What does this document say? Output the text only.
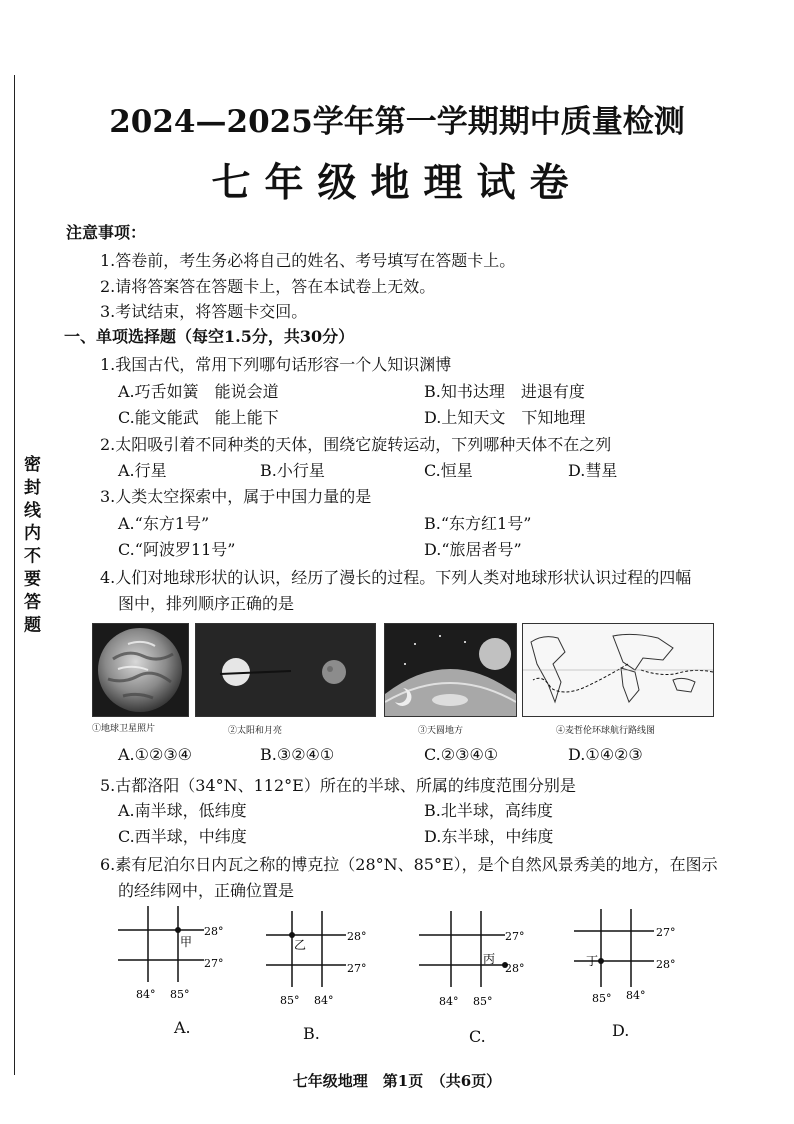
密 封 线 内 不 要 答 题
2024—2025学年第一学期期中质量检测
七年级地理试卷
注意事项：
1.答卷前，考生务必将自己的姓名、考号填写在答题卡上。
2.请将答案答在答题卡上，答在本试卷上无效。
3.考试结束，将答题卡交回。
一、单项选择题（每空1.5分，共30分）
1.我国古代，常用下列哪句话形容一个人知识渊博
A.巧舌如簧　能说会道	B.知书达理　进退有度
C.能文能武　能上能下	D.上知天文　下知地理
2.太阳吸引着不同种类的天体，围绕它旋转运动，下列哪种天体不在之列
A.行星	B.小行星	C.恒星	D.彗星
3.人类太空探索中，属于中国力量的是
A.“东方1号”	B.“东方红1号”
C.“阿波罗11号”	D.“旅居者号”
4.人们对地球形状的认识，经历了漫长的过程。下列人类对地球形状认识过程的四幅
图中，排列顺序正确的是
①地球卫星照片	②太阳和月亮	③天圆地方	④麦哲伦环球航行路线图
A.①②③④	B.③②④①	C.②③④①	D.①④②③
5.古都洛阳（34°N、112°E）所在的半球、所属的纬度范围分别是
A.南半球，低纬度	B.北半球，高纬度
C.西半球，中纬度	D.东半球，中纬度
6.素有尼泊尔日内瓦之称的博克拉（28°N、85°E），是个自然风景秀美的地方，在图示
的经纬网中，正确位置是
甲
28°
27°
84° 85°
A.
乙
28°
27°
85° 84°
B.
丙
27°
28°
84° 85°
C.
丁
27°
28°
85° 84°
D.
七年级地理　第1页　（共6页）
